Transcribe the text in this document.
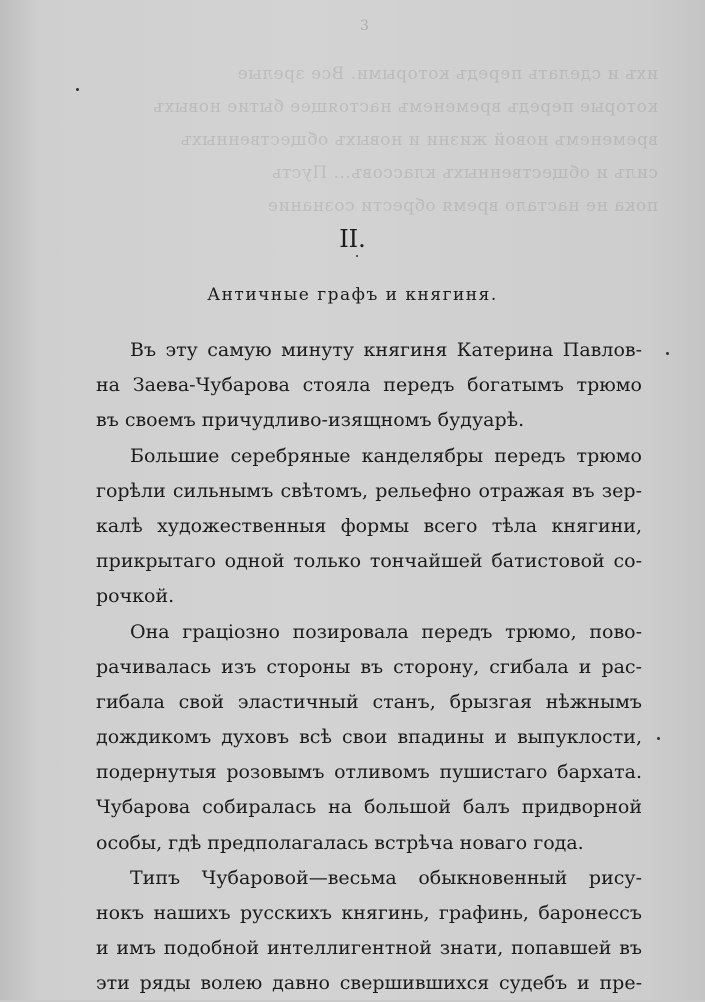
3
ихъ и сделать передъ которыми. Все зрелые
которые передъ временемъ настоящее бытие новыхъ
временемъ новой жизни и новыхъ общественныхъ
силъ и общественныхъ классовъ... Пусть
пока не настало время обрести сознание
II.
Античные графъ и княгиня.
Въ эту самую минуту княгиня Катерина Павлов-
на Заева-Чубарова стояла передъ богатымъ трюмо
въ своемъ причудливо-изящномъ будуарѣ.
Большие серебряные канделябры передъ трюмо
горѣли сильнымъ свѣтомъ, рельефно отражая въ зер-
калѣ художественныя формы всего тѣла княгини,
прикрытаго одной только тончайшей батистовой со-
рочкой.
Она граціозно позировала передъ трюмо, пово-
рачивалась изъ стороны въ сторону, сгибала и рас-
гибала свой эластичный станъ, брызгая нѣжнымъ
дождикомъ духовъ всѣ свои впадины и выпуклости,
подернутыя розовымъ отливомъ пушистаго бархата.
Чубарова собиралась на большой балъ придворной
особы, гдѣ предполагалась встрѣча новаго года.
Типъ Чубаровой—весьма обыкновенный рису-
нокъ нашихъ русскихъ княгинь, графинь, баронессъ
и имъ подобной интеллигентной знати, попавшей въ
эти ряды волею давно свершившихся судебъ и пре-
